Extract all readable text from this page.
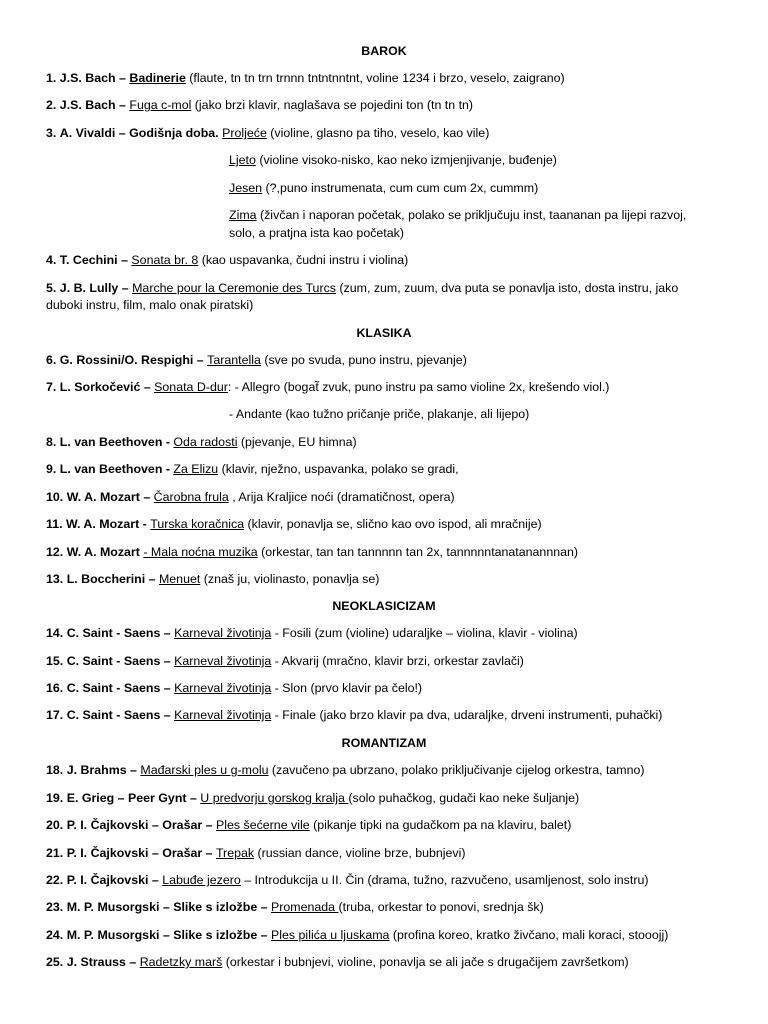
BAROK
1. J.S. Bach – Badinerie (flaute, tn tn trn trnnn tntntnntnt, voline 1234 i brzo, veselo, zaigrano)
2. J.S. Bach – Fuga c-mol (jako brzi klavir, naglašava se pojedini ton (tn tn tn)
3. A. Vivaldi – Godišnja doba. Proljeće (violine, glasno pa tiho, veselo, kao vile)
Ljeto (violine visoko-nisko, kao neko izmjenjivanje, buđenje)
Jesen (?,puno instrumenata, cum cum cum 2x, cummm)
Zima (živčan i naporan početak, polako se priključuju inst, taananan pa lijepi razvoj,
solo, a pratjna ista kao početak)
4. T. Cechini – Sonata br. 8 (kao uspavanka, čudni instru i violina)
5. J. B. Lully – Marche pour la Ceremonie des Turcs (zum, zum, zuum, dva puta se ponavlja isto, dosta instru, jako
duboki instru, film, malo onak piratski)
KLASIKA
6. G. Rossini/O. Respighi – Tarantella (sve po svuda, puno instru, pjevanje)
7. L. Sorkočević – Sonata D-dur: - Allegro (bogat̃ zvuk, puno instru pa samo violine 2x, krešendo viol.)
- Andante (kao tužno pričanje priče, plakanje, ali lijepo)
8. L. van Beethoven - Oda radosti (pjevanje, EU himna)
9. L. van Beethoven - Za Elizu (klavir, nježno, uspavanka, polako se gradi,
10. W. A. Mozart – Čarobna frula , Arija Kraljice noći (dramatičnost, opera)
11. W. A. Mozart - Turska koračnica (klavir, ponavlja se, slično kao ovo ispod, ali mračnije)
12. W. A. Mozart - Mala noćna muzika (orkestar, tan tan tannnnn tan 2x, tannnnntanatanannnan)
13. L. Boccherini – Menuet (znaš ju, violinasto, ponavlja se)
NEOKLASICIZAM
14. C. Saint - Saens – Karneval životinja - Fosili (zum (violine) udaraljke – violina, klavir - violina)
15. C. Saint - Saens – Karneval životinja - Akvarij (mračno, klavir brzi, orkestar zavlači)
16. C. Saint - Saens – Karneval životinja - Slon (prvo klavir pa čelo!)
17. C. Saint - Saens – Karneval životinja - Finale (jako brzo klavir pa dva, udaraljke, drveni instrumenti, puhački)
ROMANTIZAM
18. J. Brahms – Mađarski ples u g-molu (zavučeno pa ubrzano, polako priključivanje cijelog orkestra, tamno)
19. E. Grieg – Peer Gynt – U predvorju gorskog kralja (solo puhačkog, gudači kao neke šuljanje)
20. P. I. Čajkovski – Orašar – Ples šećerne vile (pikanje tipki na gudačkom pa na klaviru, balet)
21. P. I. Čajkovski – Orašar – Trepak (russian dance, violine brze, bubnjevi)
22. P. I. Čajkovski – Labuđe jezero – Introdukcija u II. Čin (drama, tužno, razvučeno, usamljenost, solo instru)
23. M. P. Musorgski – Slike s izložbe – Promenada (truba, orkestar to ponovi, srednja šk)
24. M. P. Musorgski – Slike s izložbe – Ples pilića u ljuskama (profina koreo, kratko živčano, mali koraci, stooojj)
25. J. Strauss – Radetzky marš (orkestar i bubnjevi, violine, ponavlja se ali jače s drugačijem završetkom)
